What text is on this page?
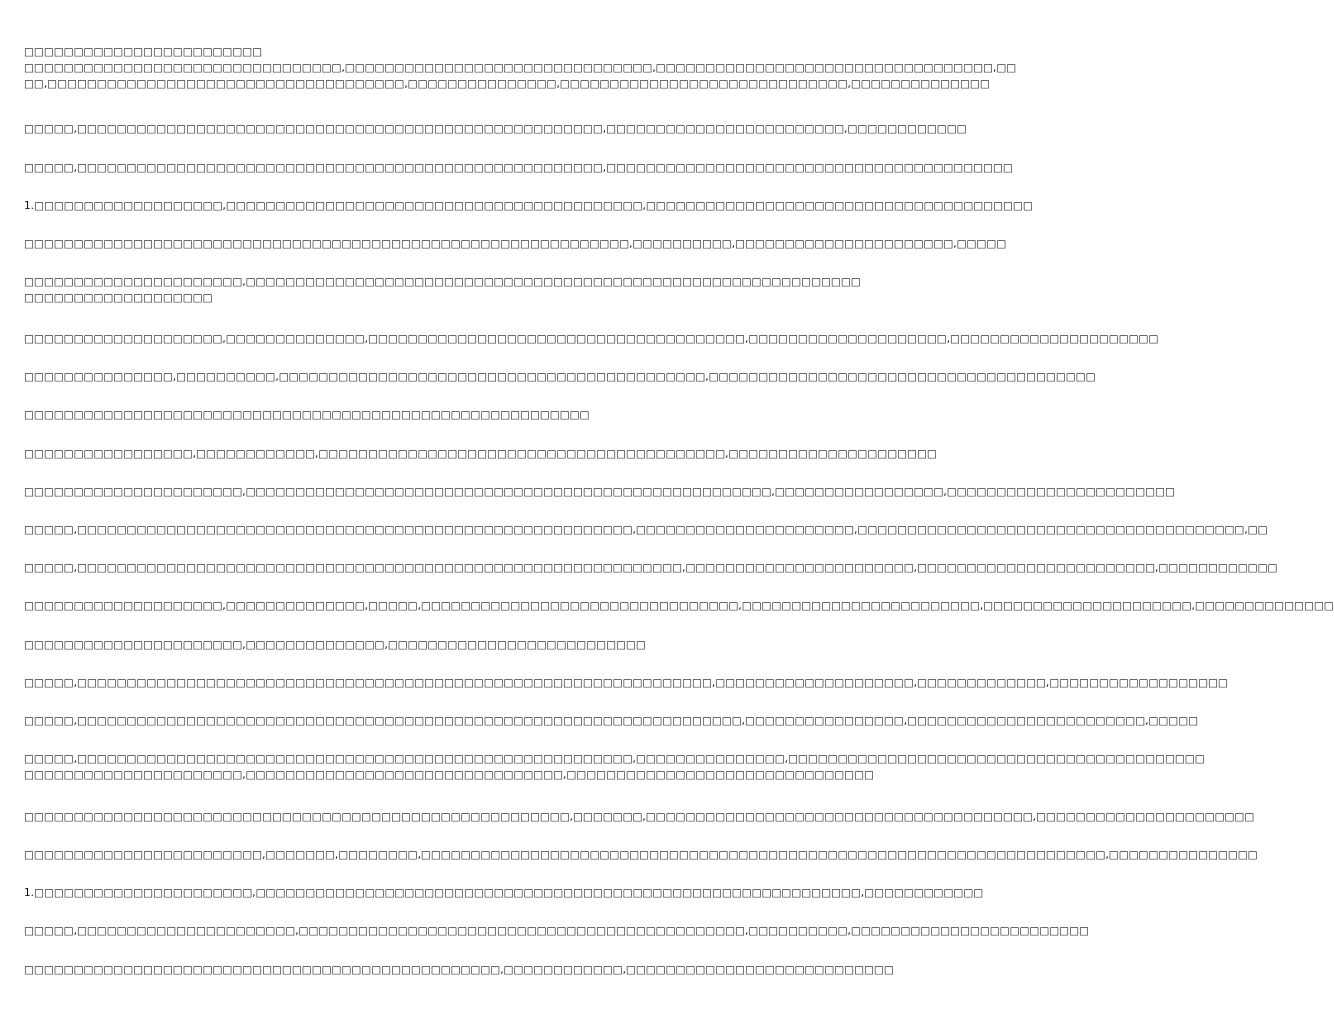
□□□□□□□□□□□□□□□□□□□□□□□□
□□□□□□□□□□□□□□□□□□□□□□□□□□□□□□□□,□□□□□□□□□□□□□□□□□□□□□□□□□□□□□□□,□□□□□□□□□□□□□□□□□□□□□□□□□□□□□□□□□□,□□
□□,□□□□□□□□□□□□□□□□□□□□□□□□□□□□□□□□□□□□,□□□□□□□□□□□□□□□,□□□□□□□□□□□□□□□□□□□□□□□□□□□□□,□□□□□□□□□□□□□□
□□□□□,□□□□□□□□□□□□□□□□□□□□□□□□□□□□□□□□□□□□□□□□□□□□□□□□□□□□□,□□□□□□□□□□□□□□□□□□□□□□□□,□□□□□□□□□□□□
□□□□□,□□□□□□□□□□□□□□□□□□□□□□□□□□□□□□□□□□□□□□□□□□□□□□□□□□□□□,□□□□□□□□□□□□□□□□□□□□□□□□□□□□□□□□□□□□□□□□□
1.□□□□□□□□□□□□□□□□□□□,□□□□□□□□□□□□□□□□□□□□□□□□□□□□□□□□□□□□□□□□□□,□□□□□□□□□□□□□□□□□□□□□□□□□□□□□□□□□□□□□□□
□□□□□□□□□□□□□□□□□□□□□□□□□□□□□□□□□□□□□□□□□□□□□□□□□□□□□□□□□□□□□,□□□□□□□□□□,□□□□□□□□□□□□□□□□□□□□□□,□□□□□
□□□□□□□□□□□□□□□□□□□□□□,□□□□□□□□□□□□□□□□□□□□□□□□□□□□□□□□□□□□□□□□□□□□□□□□□□□□□□□□□□□□□□
□□□□□□□□□□□□□□□□□□□
□□□□□□□□□□□□□□□□□□□□,□□□□□□□□□□□□□□,□□□□□□□□□□□□□□□□□□□□□□□□□□□□□□□□□□□□□□,□□□□□□□□□□□□□□□□□□□□,□□□□□□□□□□□□□□□□□□□□□
□□□□□□□□□□□□□□□,□□□□□□□□□□,□□□□□□□□□□□□□□□□□□□□□□□□□□□□□□□□□□□□□□□□□□□,□□□□□□□□□□□□□□□□□□□□□□□□□□□□□□□□□□□□□□□
□□□□□□□□□□□□□□□□□□□□□□□□□□□□□□□□□□□□□□□□□□□□□□□□□□□□□□□□□
□□□□□□□□□□□□□□□□□,□□□□□□□□□□□□,□□□□□□□□□□□□□□□□□□□□□□□□□□□□□□□□□□□□□□□□□,□□□□□□□□□□□□□□□□□□□□□
□□□□□□□□□□□□□□□□□□□□□□,□□□□□□□□□□□□□□□□□□□□□□□□□□□□□□□□□□□□□□□□□□□□□□□□□□□□□,□□□□□□□□□□□□□□□□□,□□□□□□□□□□□□□□□□□□□□□□□
□□□□□,□□□□□□□□□□□□□□□□□□□□□□□□□□□□□□□□□□□□□□□□□□□□□□□□□□□□□□□□,□□□□□□□□□□□□□□□□□□□□□□,□□□□□□□□□□□□□□□□□□□□□□□□□□□□□□□□□□□□□□□,□□
□□□□□,□□□□□□□□□□□□□□□□□□□□□□□□□□□□□□□□□□□□□□□□□□□□□□□□□□□□□□□□□□□□□,□□□□□□□□□□□□□□□□□□□□□□□,□□□□□□□□□□□□□□□□□□□□□□□□,□□□□□□□□□□□□
□□□□□□□□□□□□□□□□□□□□,□□□□□□□□□□□□□□,□□□□□,□□□□□□□□□□□□□□□□□□□□□□□□□□□□□□□□,□□□□□□□□□□□□□□□□□□□□□□□□,□□□□□□□□□□□□□□□□□□□□□,□□□□□□□□□□□□□□
□□□□□□□□□□□□□□□□□□□□□□,□□□□□□□□□□□□□□,□□□□□□□□□□□□□□□□□□□□□□□□□□
□□□□□,□□□□□□□□□□□□□□□□□□□□□□□□□□□□□□□□□□□□□□□□□□□□□□□□□□□□□□□□□□□□□□□□,□□□□□□□□□□□□□□□□□□□□,□□□□□□□□□□□□□,□□□□□□□□□□□□□□□□□□
□□□□□,□□□□□□□□□□□□□□□□□□□□□□□□□□□□□□□□□□□□□□□□□□□□□□□□□□□□□□□□□□□□□□□□□□□,□□□□□□□□□□□□□□□□,□□□□□□□□□□□□□□□□□□□□□□□□,□□□□□
□□□□□,□□□□□□□□□□□□□□□□□□□□□□□□□□□□□□□□□□□□□□□□□□□□□□□□□□□□□□□□,□□□□□□□□□□□□□□□,□□□□□□□□□□□□□□□□□□□□□□□□□□□□□□□□□□□□□□□□□□
□□□□□□□□□□□□□□□□□□□□□□,□□□□□□□□□□□□□□□□□□□□□□□□□□□□□□□□,□□□□□□□□□□□□□□□□□□□□□□□□□□□□□□□
□□□□□□□□□□□□□□□□□□□□□□□□□□□□□□□□□□□□□□□□□□□□□□□□□□□□□□□,□□□□□□□,□□□□□□□□□□□□□□□□□□□□□□□□□□□□□□□□□□□□□□□,□□□□□□□□□□□□□□□□□□□□□□
□□□□□□□□□□□□□□□□□□□□□□□□,□□□□□□□,□□□□□□□□,□□□□□□□□□□□□□□□□□□□□□□□□□□□□□□□□□□□□□□□□□□□□□□□□□□□□□□□□□□□□□□□□□□□□□,□□□□□□□□□□□□□□□
1.□□□□□□□□□□□□□□□□□□□□□□,□□□□□□□□□□□□□□□□□□□□□□□□□□□□□□□□□□□□□□□□□□□□□□□□□□□□□□□□□□□□□,□□□□□□□□□□□□
□□□□□,□□□□□□□□□□□□□□□□□□□□□□,□□□□□□□□□□□□□□□□□□□□□□□□□□□□□□□□□□□□□□□□□□□□□,□□□□□□□□□□,□□□□□□□□□□□□□□□□□□□□□□□□
□□□□□□□□□□□□□□□□□□□□□□□□□□□□□□□□□□□□□□□□□□□□□□□□,□□□□□□□□□□□□,□□□□□□□□□□□□□□□□□□□□□□□□□□□
